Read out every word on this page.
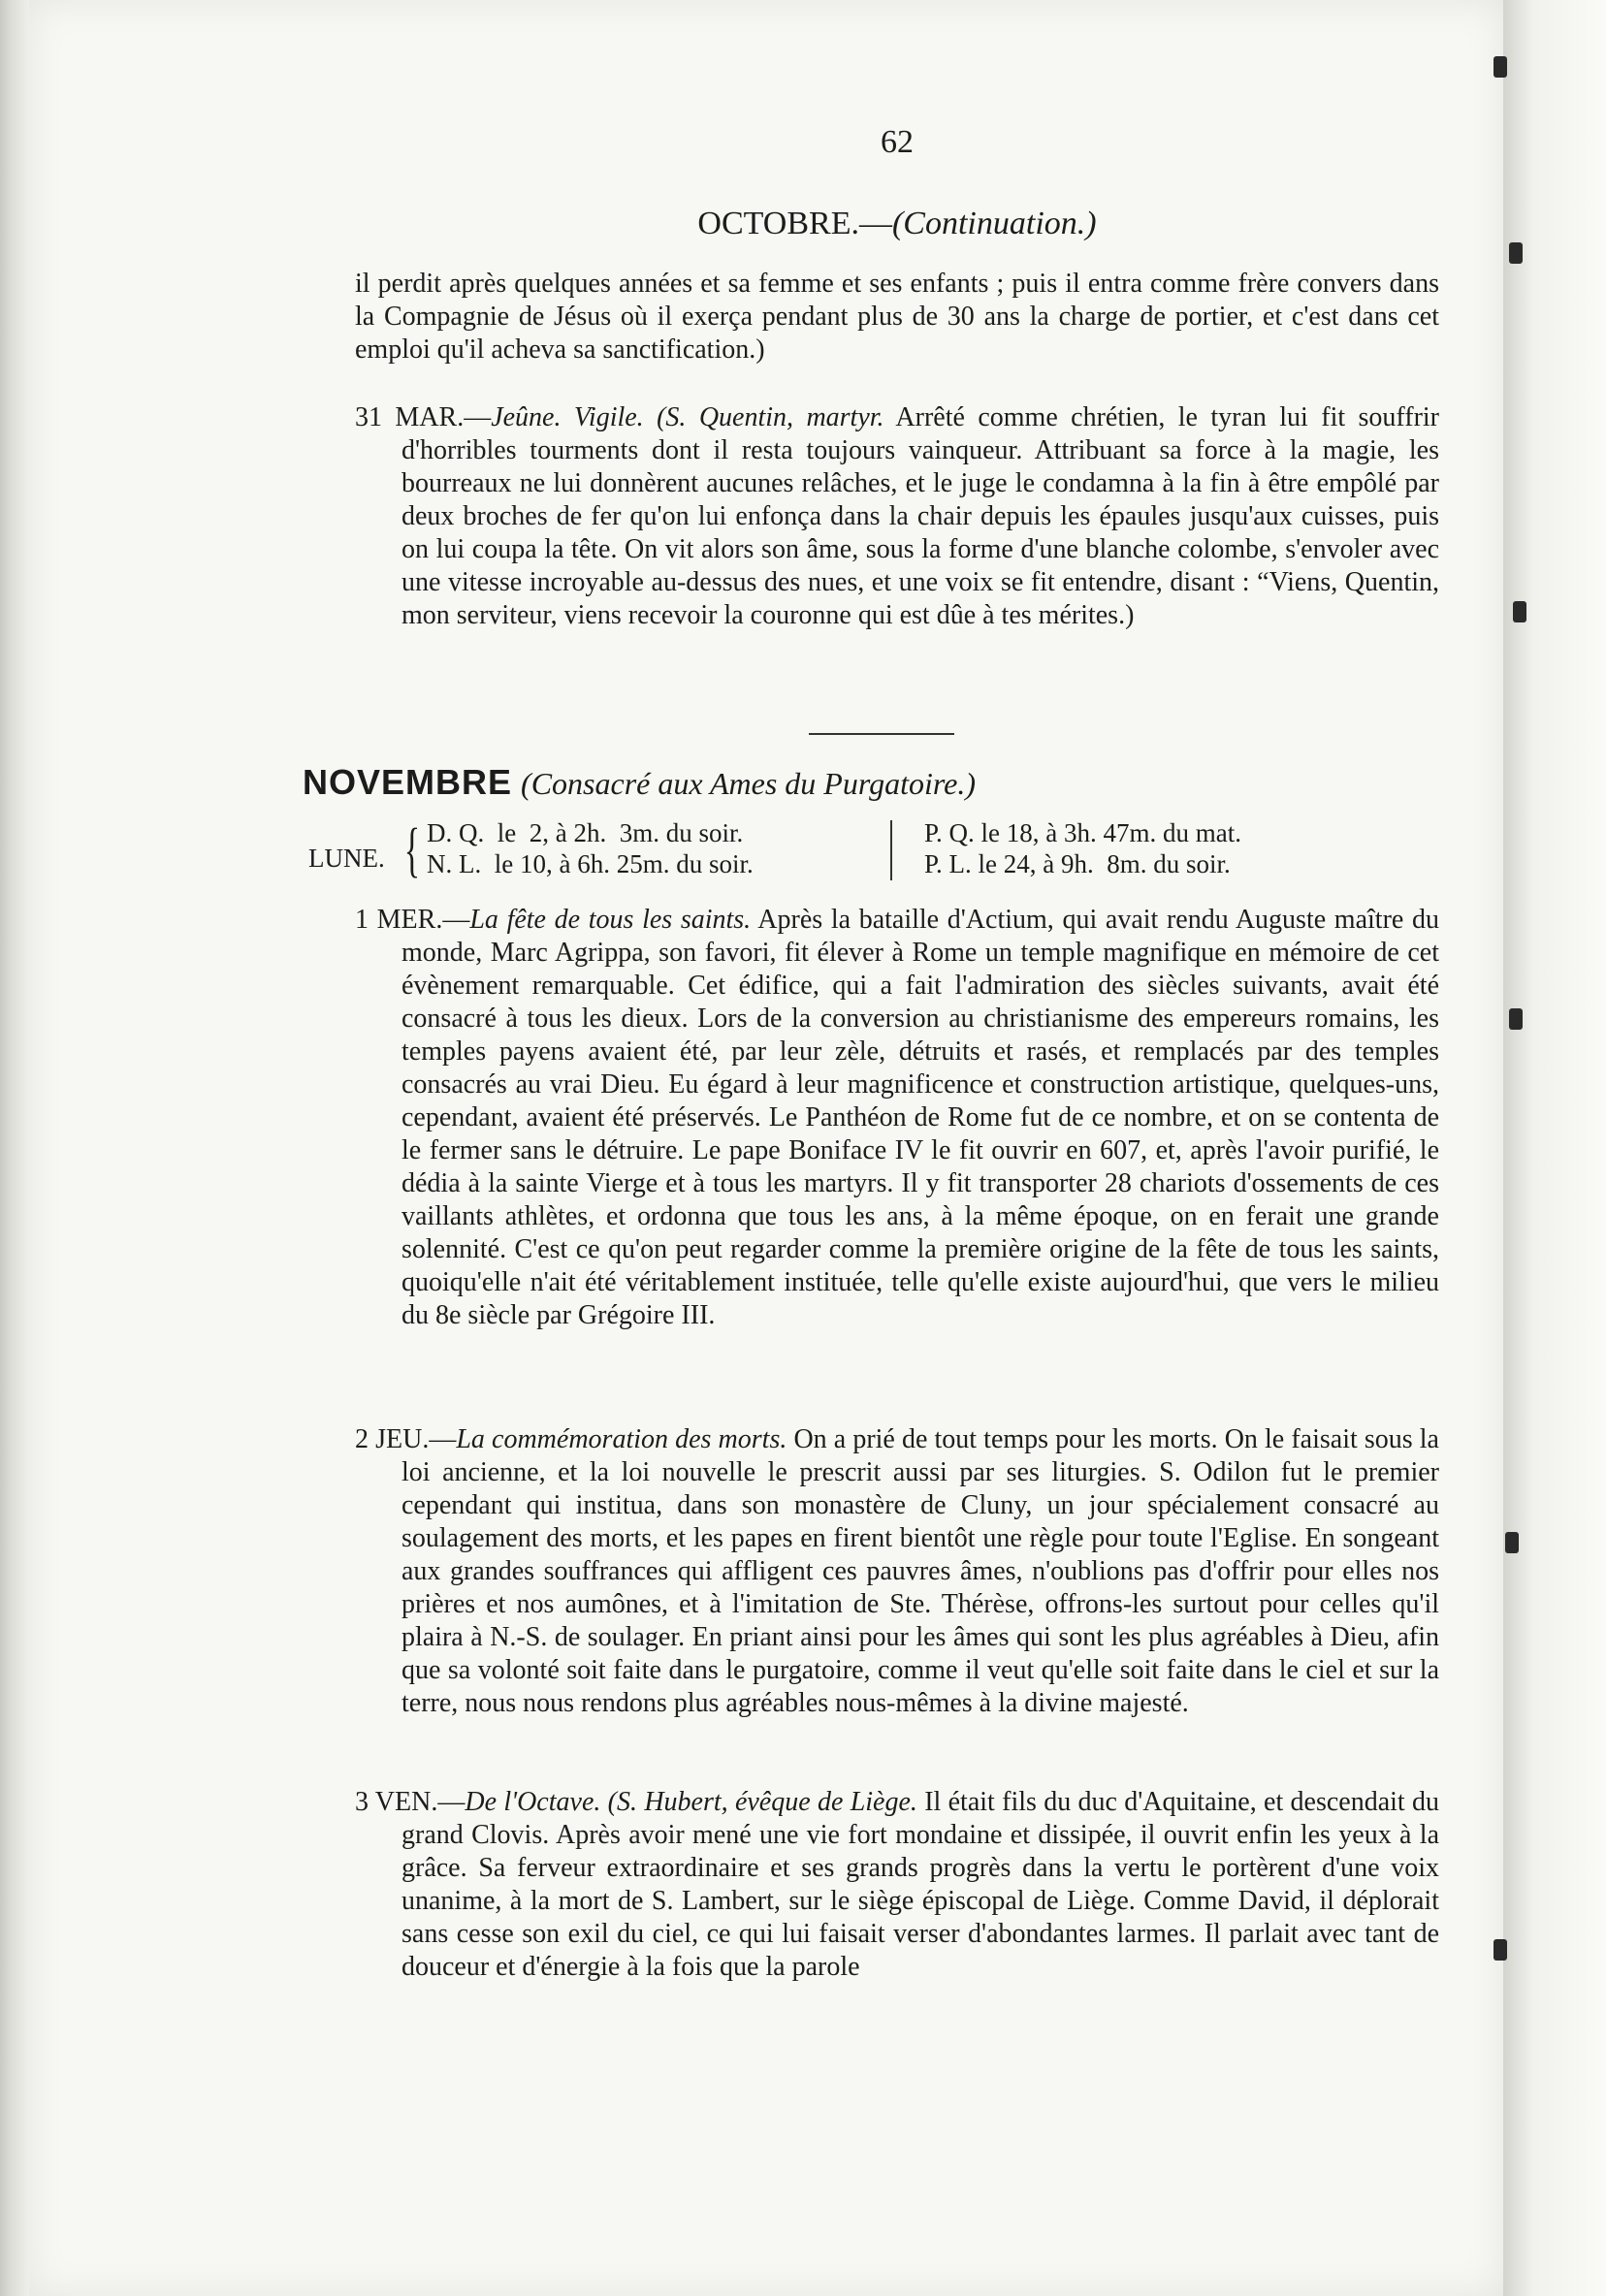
62
OCTOBRE.—(Continuation.)
il perdit après quelques années et sa femme et ses enfants ; puis il entra comme frère convers dans la Compagnie de Jésus où il exerça pendant plus de 30 ans la charge de portier, et c'est dans cet emploi qu'il acheva sa sanctification.)
31 MAR.—Jeûne. Vigile. (S. Quentin, martyr. Arrêté comme chrétien, le tyran lui fit souffrir d'horribles tourments dont il resta toujours vainqueur. Attribuant sa force à la magie, les bourreaux ne lui donnèrent aucunes relâches, et le juge le condamna à la fin à être empôlé par deux broches de fer qu'on lui enfonça dans la chair depuis les épaules jusqu'aux cuisses, puis on lui coupa la tête. On vit alors son âme, sous la forme d'une blanche colombe, s'envoler avec une vitesse incroyable au-dessus des nues, et une voix se fit entendre, disant : “Viens, Quentin, mon serviteur, viens recevoir la couronne qui est dûe à tes mérites.)
NOVEMBRE (Consacré aux Ames du Purgatoire.)
LUNE. { D. Q.  le  2, à 2h.  3m. du soir.
N. L.  le 10, à 6h. 25m. du soir.
P. Q. le 18, à 3h. 47m. du mat.
P. L. le 24, à 9h.  8m. du soir.
1 MER.—La fête de tous les saints. Après la bataille d'Actium, qui avait rendu Auguste maître du monde, Marc Agrippa, son favori, fit élever à Rome un temple magnifique en mémoire de cet évènement remarquable. Cet édifice, qui a fait l'admiration des siècles suivants, avait été consacré à tous les dieux. Lors de la conversion au christianisme des empereurs romains, les temples payens avaient été, par leur zèle, détruits et rasés, et remplacés par des temples consacrés au vrai Dieu. Eu égard à leur magnificence et construction artistique, quelques-uns, cependant, avaient été préservés. Le Panthéon de Rome fut de ce nombre, et on se contenta de le fermer sans le détruire. Le pape Boniface IV le fit ouvrir en 607, et, après l'avoir purifié, le dédia à la sainte Vierge et à tous les martyrs. Il y fit transporter 28 chariots d'ossements de ces vaillants athlètes, et ordonna que tous les ans, à la même époque, on en ferait une grande solennité. C'est ce qu'on peut regarder comme la première origine de la fête de tous les saints, quoiqu'elle n'ait été véritablement instituée, telle qu'elle existe aujourd'hui, que vers le milieu du 8e siècle par Grégoire III.
2 JEU.—La commémoration des morts. On a prié de tout temps pour les morts. On le faisait sous la loi ancienne, et la loi nouvelle le prescrit aussi par ses liturgies. S. Odilon fut le premier cependant qui institua, dans son monastère de Cluny, un jour spécialement consacré au soulagement des morts, et les papes en firent bientôt une règle pour toute l'Eglise. En songeant aux grandes souffrances qui affligent ces pauvres âmes, n'oublions pas d'offrir pour elles nos prières et nos aumônes, et à l'imitation de Ste. Thérèse, offrons-les surtout pour celles qu'il plaira à N.-S. de soulager. En priant ainsi pour les âmes qui sont les plus agréables à Dieu, afin que sa volonté soit faite dans le purgatoire, comme il veut qu'elle soit faite dans le ciel et sur la terre, nous nous rendons plus agréables nous-mêmes à la divine majesté.
3 VEN.—De l'Octave. (S. Hubert, évêque de Liège. Il était fils du duc d'Aquitaine, et descendait du grand Clovis. Après avoir mené une vie fort mondaine et dissipée, il ouvrit enfin les yeux à la grâce. Sa ferveur extraordinaire et ses grands progrès dans la vertu le portèrent d'une voix unanime, à la mort de S. Lambert, sur le siège épiscopal de Liège. Comme David, il déplorait sans cesse son exil du ciel, ce qui lui faisait verser d'abondantes larmes. Il parlait avec tant de douceur et d'énergie à la fois que la parole
